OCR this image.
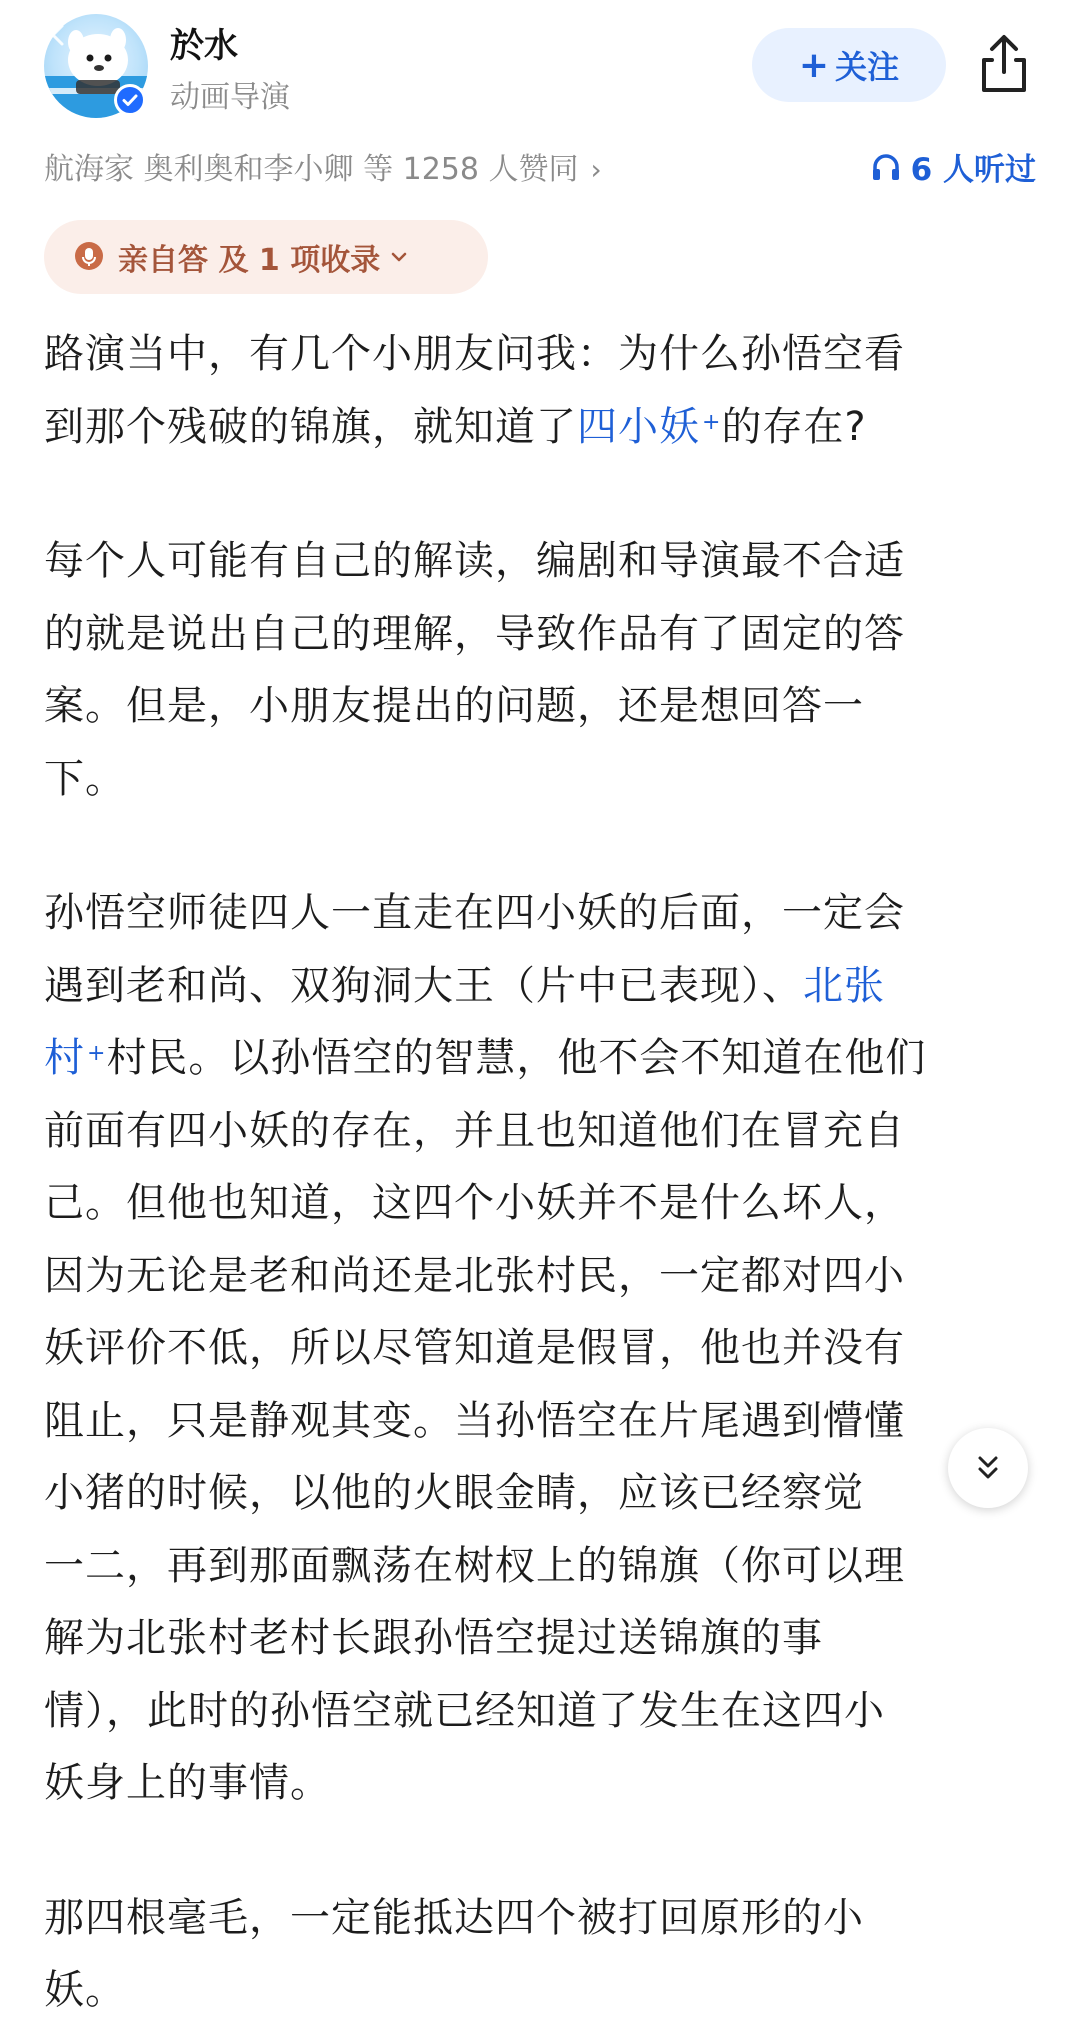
於水
动画导演
2/7
+ 关注
航海家 奥利奥和李小卿 等 1258 人赞同 ›	6 人听过
亲自答 及 1 项收录

路演当中，有几个小朋友问我：为什么孙悟空看
到那个残破的锦旗，就知道了四小妖+的存在?

每个人可能有自己的解读，编剧和导演最不合适
的就是说出自己的理解，导致作品有了固定的答
案。但是，小朋友提出的问题，还是想回答一
下。

孙悟空师徒四人一直走在四小妖的后面，一定会
遇到老和尚、双狗洞大王（片中已表现）、北张
村+村民。以孙悟空的智慧，他不会不知道在他们
前面有四小妖的存在，并且也知道他们在冒充自
己。但他也知道，这四个小妖并不是什么坏人，
因为无论是老和尚还是北张村民，一定都对四小
妖评价不低，所以尽管知道是假冒，他也并没有
阻止，只是静观其变。当孙悟空在片尾遇到懵懂
小猪的时候，以他的火眼金睛，应该已经察觉
一二，再到那面飘荡在树杈上的锦旗（你可以理
解为北张村老村长跟孙悟空提过送锦旗的事
情），此时的孙悟空就已经知道了发生在这四小
妖身上的事情。

那四根毫毛，一定能抵达四个被打回原形的小
妖。
